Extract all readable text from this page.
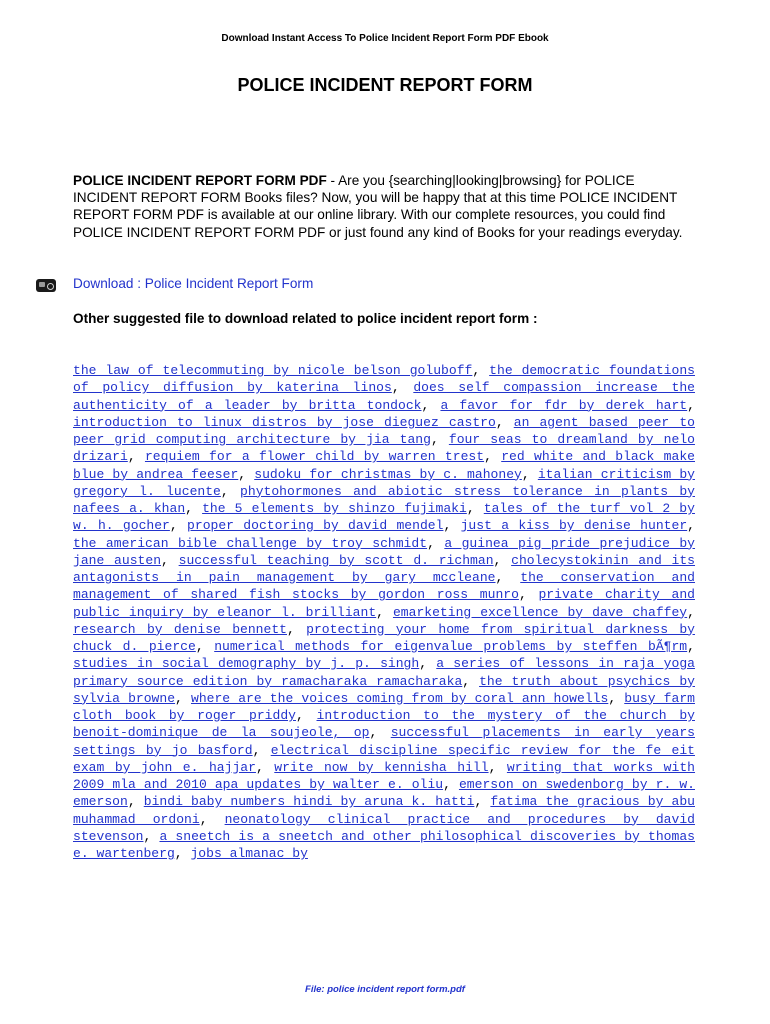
Download Instant Access To Police Incident Report Form PDF Ebook
POLICE INCIDENT REPORT FORM

POLICE INCIDENT REPORT FORM PDF - Are you {searching|looking|browsing} for POLICE INCIDENT REPORT FORM Books files? Now, you will be happy that at this time POLICE INCIDENT REPORT FORM PDF is available at our online library. With our complete resources, you could find POLICE INCIDENT REPORT FORM PDF or just found any kind of Books for your readings everyday.

Download : Police Incident Report Form

Other suggested file to download related to police incident report form :

the law of telecommuting by nicole belson goluboff, the democratic foundations of policy diffusion by katerina linos, does self compassion increase the authenticity of a leader by britta tondock, a favor for fdr by derek hart, introduction to linux distros by jose dieguez castro, an agent based peer to peer grid computing architecture by jia tang, four seas to dreamland by nelo drizari, requiem for a flower child by warren trest, red white and black make blue by andrea feeser, sudoku for christmas by c. mahoney, italian criticism by gregory l. lucente, phytohormones and abiotic stress tolerance in plants by nafees a. khan, the 5 elements by shinzo fujimaki, tales of the turf vol 2 by w. h. gocher, proper doctoring by david mendel, just a kiss by denise hunter, the american bible challenge by troy schmidt, a guinea pig pride prejudice by jane austen, successful teaching by scott d. richman, cholecystokinin and its antagonists in pain management by gary mccleane, the conservation and management of shared fish stocks by gordon ross munro, private charity and public inquiry by eleanor l. brilliant, emarketing excellence by dave chaffey, research by denise bennett, protecting your home from spiritual darkness by chuck d. pierce, numerical methods for eigenvalue problems by steffen bÃ¶rm, studies in social demography by j. p. singh, a series of lessons in raja yoga primary source edition by ramacharaka ramacharaka, the truth about psychics by sylvia browne, where are the voices coming from by coral ann howells, busy farm cloth book by roger priddy, introduction to the mystery of the church by benoit-dominique de la soujeole, op, successful placements in early years settings by jo basford, electrical discipline specific review for the fe eit exam by john e. hajjar, write now by kennisha hill, writing that works with 2009 mla and 2010 apa updates by walter e. oliu, emerson on swedenborg by r. w. emerson, bindi baby numbers hindi by aruna k. hatti, fatima the gracious by abu muhammad ordoni, neonatology clinical practice and procedures by david stevenson, a sneetch is a sneetch and other philosophical discoveries by thomas e. wartenberg, jobs almanac by

File: police incident report form.pdf
